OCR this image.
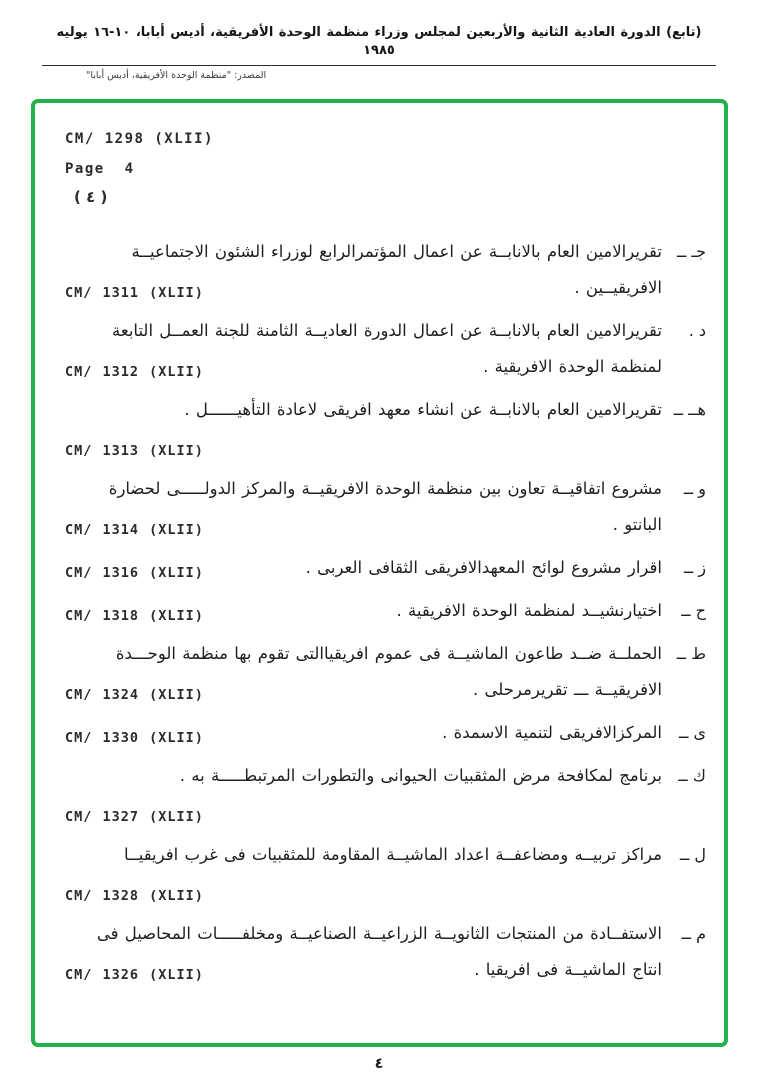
(تابع) الدورة العادية الثانية والأربعين لمجلس وزراء منظمة الوحدة الأفريقية، أديس أبابا، ١٠-١٦ يوليه ١٩٨٥
المصدر: "منظمة الوحدة الأفريقية، أديس أبابا"
CM/ 1298 (XLII)
Page  4
( ٤ )
جـ ــ
تقريرالامين العام بالانابــة عن اعمال المؤتمرالرابع لوزراء الشئون الاجتماعيــة الافريقيــين .
CM/ 1311 (XLII)
د .
تقريرالامين العام بالانابــة عن اعمال الدورة العاديــة الثامنة للجنة العمــل التابعة لمنظمة الوحدة الافريقية .
CM/ 1312 (XLII)
هــ ــ
تقريرالامين العام بالانابــة عن انشاء معهد افريقى لاعادة التأهيــــــل .
CM/ 1313 (XLII)
و ــ
مشروع اتفاقيــة تعاون بين منظمة الوحدة الافريقيــة والمركز الدولـــــى لحضارة البانتو .
CM/ 1314 (XLII)
ز ــ
اقرار مشروع لوائح المعهدالافريقى الثقافى العربى .
CM/ 1316 (XLII)
ح ــ
اختيارنشيــد لمنظمة الوحدة الافريقية .
CM/ 1318 (XLII)
ط ــ
الحملــة ضــد طاعون الماشيــة فى عموم افريقياالتى تقوم بها منظمة الوحـــدة الافريقيــة ـــ تقريرمرحلى .
CM/ 1324 (XLII)
ى ــ
المركزالافريقى لتنمية الاسمدة .
CM/ 1330 (XLII)
ك ــ
برنامج لمكافحة مرض المثقبيات الحيوانى والتطورات المرتبطـــــة به .
CM/ 1327 (XLII)
ل ــ
مراكز تربيــه ومضاعفــة اعداد الماشيــة المقاومة للمثقبيات فى غرب افريقيــا
CM/ 1328 (XLII)
م ــ
الاستفــادة من المنتجات الثانويــة الزراعيــة الصناعيــة ومخلفـــــات المحاصيل فى انتاج الماشيــة فى افريقيا .
CM/ 1326 (XLII)
٤
